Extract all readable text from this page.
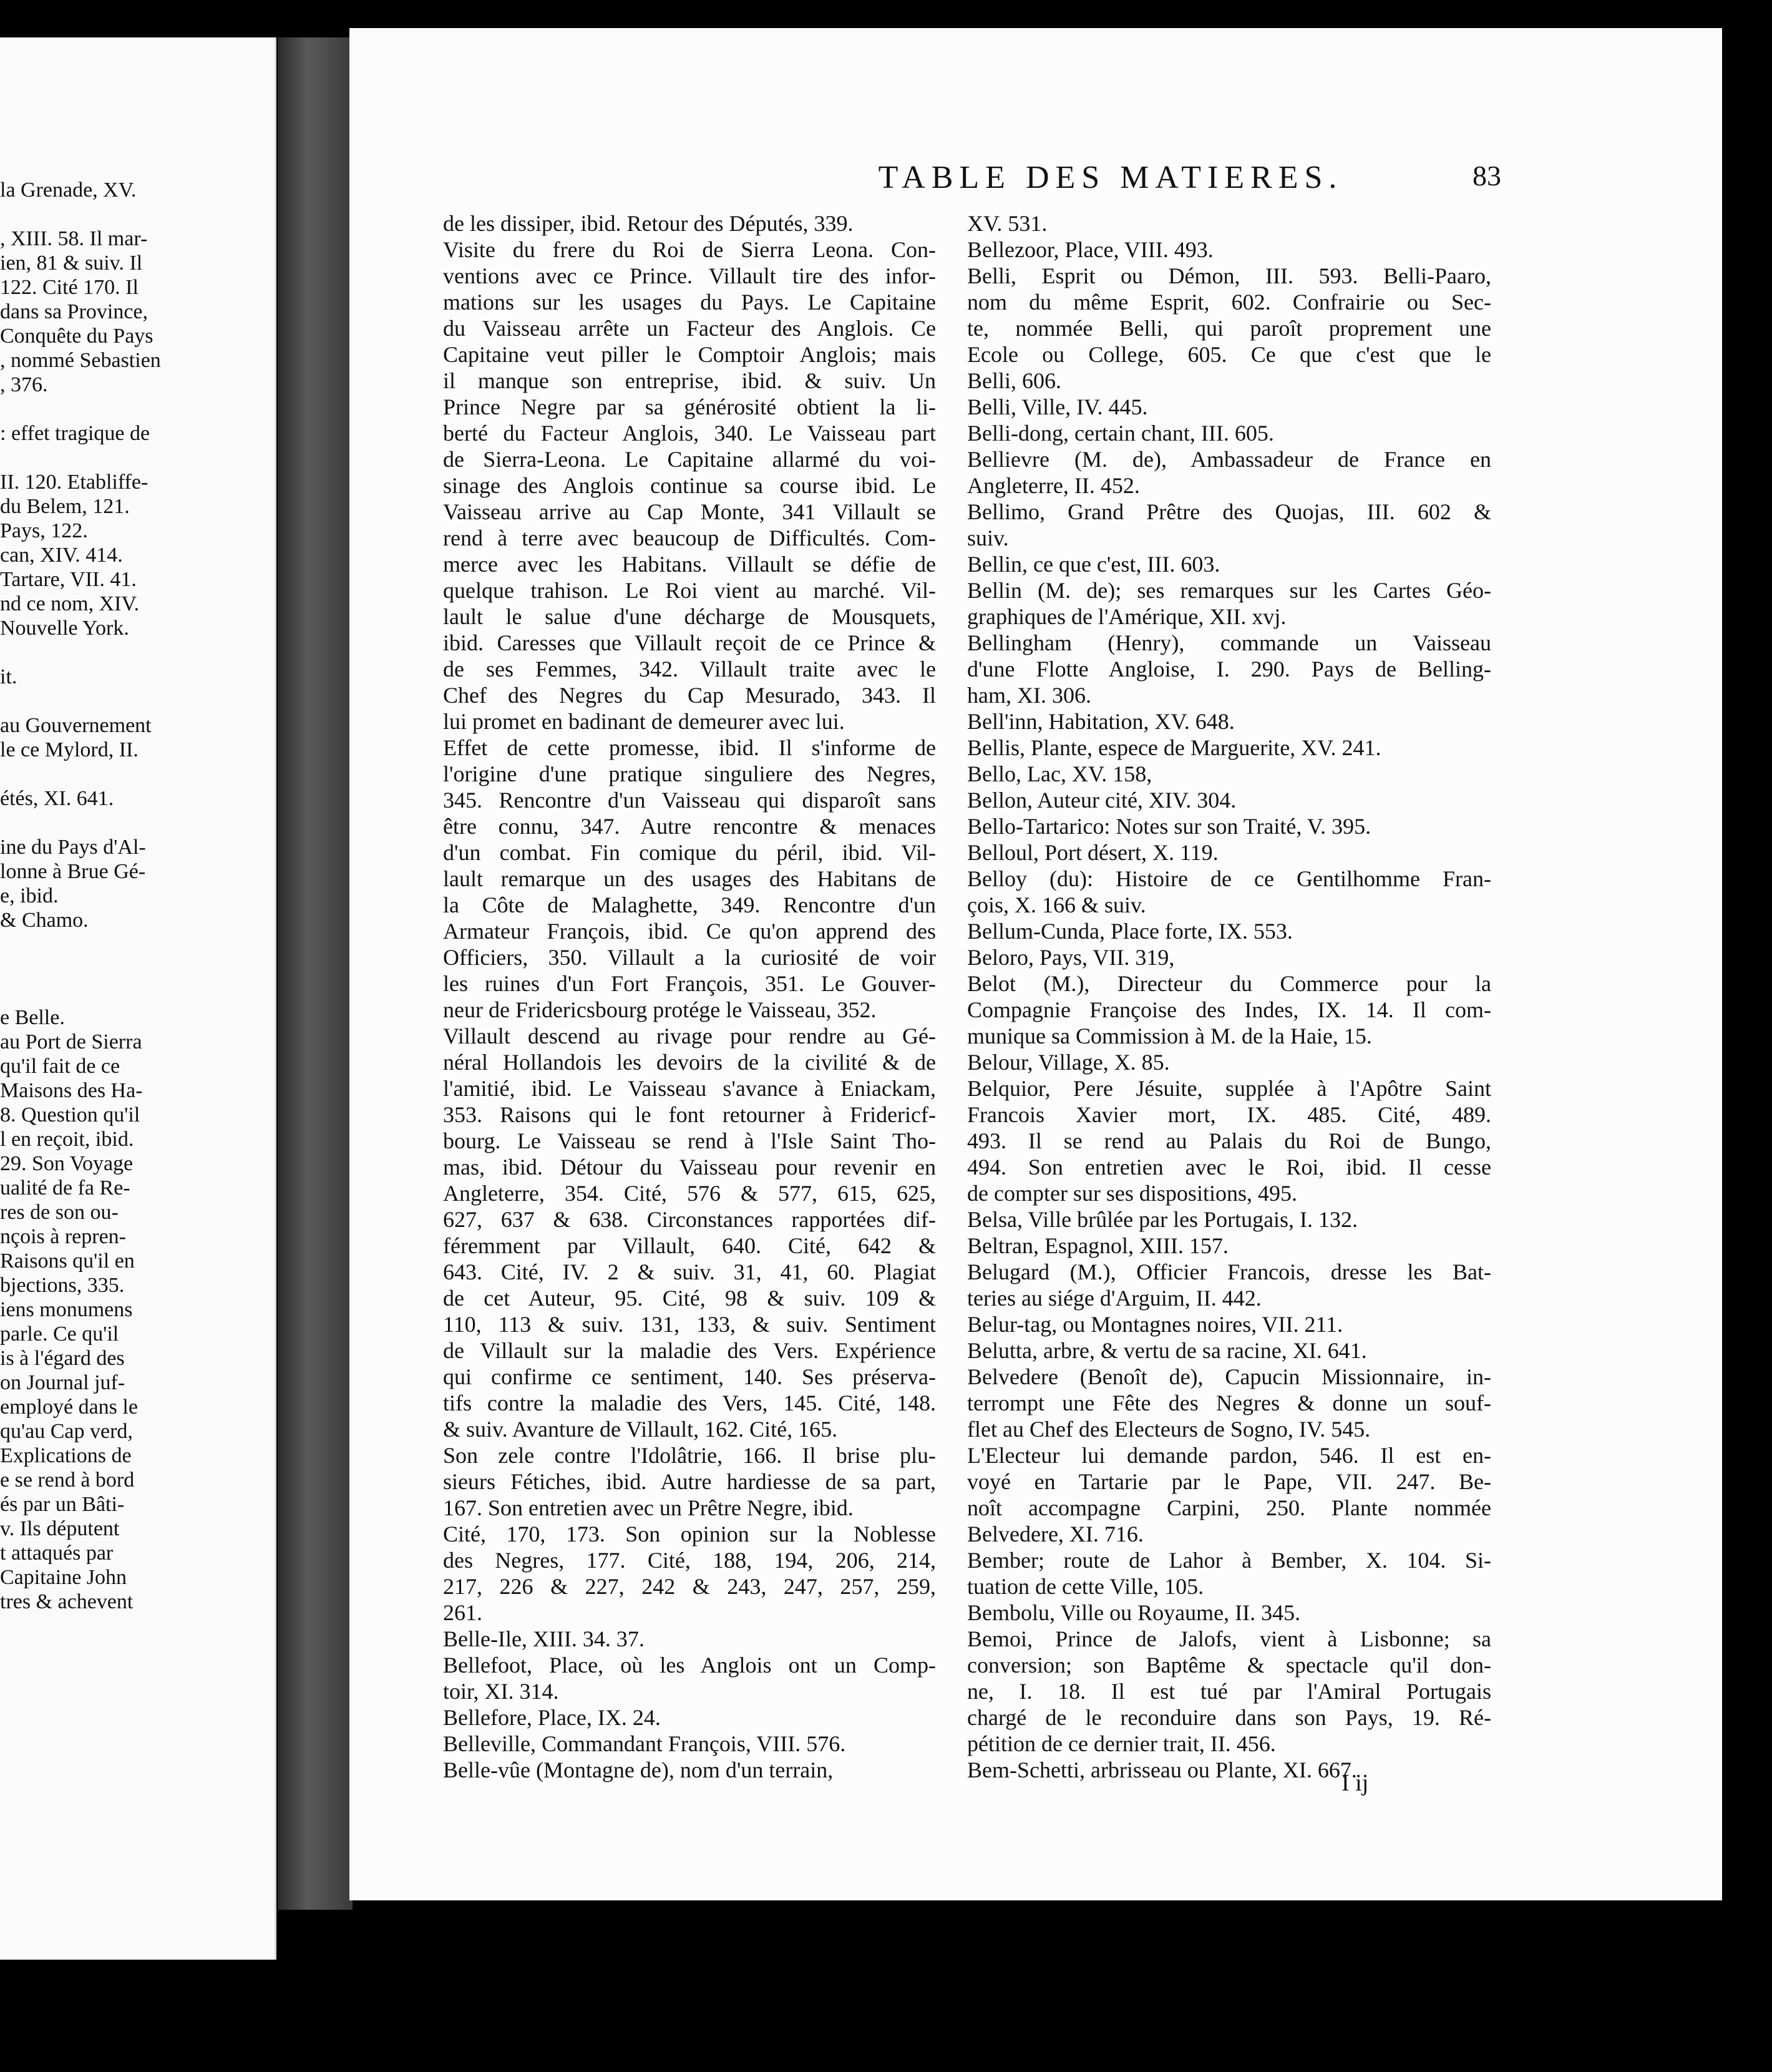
la Grenade, XV.
, XIII. 58. Il mar-
ien, 81 & suiv. Il
122. Cité 170. Il
dans sa Province,
Conquête du Pays
, nommé Sebastien
, 376.
: effet tragique de
II. 120. Etabliffe-
du Belem, 121.
Pays, 122.
can, XIV. 414.
Tartare, VII. 41.
nd ce nom, XIV.
Nouvelle York.
it.
au Gouvernement
le ce Mylord, II.
étés, XI. 641.
ine du Pays d'Al-
lonne à Brue Gé-
e, ibid.
& Chamo.
e Belle.
au Port de Sierra
qu'il fait de ce
Maisons des Ha-
8. Question qu'il
l en reçoit, ibid.
29. Son Voyage
ualité de fa Re-
res de son ou-
nçois à repren-
Raisons qu'il en
bjections, 335.
iens monumens
parle. Ce qu'il
is à l'égard des
on Journal juf-
employé dans le
qu'au Cap verd,
Explications de
e se rend à bord
és par un Bâti-
v. Ils députent
t attaqués par
Capitaine John
tres & achevent
TABLE DES MATIERES.	83
de les dissiper, ibid. Retour des Députés, 339.
Visite du frere du Roi de Sierra Leona. Con-
ventions avec ce Prince. Villault tire des infor-
mations sur les usages du Pays. Le Capitaine
du Vaisseau arrête un Facteur des Anglois. Ce
Capitaine veut piller le Comptoir Anglois; mais
il manque son entreprise, ibid. & suiv. Un
Prince Negre par sa générosité obtient la li-
berté du Facteur Anglois, 340. Le Vaisseau part
de Sierra-Leona. Le Capitaine allarmé du voi-
sinage des Anglois continue sa course ibid. Le
Vaisseau arrive au Cap Monte, 341 Villault se
rend à terre avec beaucoup de Difficultés. Com-
merce avec les Habitans. Villault se défie de
quelque trahison. Le Roi vient au marché. Vil-
lault le salue d'une décharge de Mousquets,
ibid. Caresses que Villault reçoit de ce Prince &
de ses Femmes, 342. Villault traite avec le
Chef des Negres du Cap Mesurado, 343. Il
lui promet en badinant de demeurer avec lui.
Effet de cette promesse, ibid. Il s'informe de
l'origine d'une pratique singuliere des Negres,
345. Rencontre d'un Vaisseau qui disparoît sans
être connu, 347. Autre rencontre & menaces
d'un combat. Fin comique du péril, ibid. Vil-
lault remarque un des usages des Habitans de
la Côte de Malaghette, 349. Rencontre d'un
Armateur François, ibid. Ce qu'on apprend des
Officiers, 350. Villault a la curiosité de voir
les ruines d'un Fort François, 351. Le Gouver-
neur de Fridericsbourg protége le Vaisseau, 352.
Villault descend au rivage pour rendre au Gé-
néral Hollandois les devoirs de la civilité & de
l'amitié, ibid. Le Vaisseau s'avance à Eniackam,
353. Raisons qui le font retourner à Fridericf-
bourg. Le Vaisseau se rend à l'Isle Saint Tho-
mas, ibid. Détour du Vaisseau pour revenir en
Angleterre, 354. Cité, 576 & 577, 615, 625,
627, 637 & 638. Circonstances rapportées dif-
féremment par Villault, 640. Cité, 642 &
643. Cité, IV. 2 & suiv. 31, 41, 60. Plagiat
de cet Auteur, 95. Cité, 98 & suiv. 109 &
110, 113 & suiv. 131, 133, & suiv. Sentiment
de Villault sur la maladie des Vers. Expérience
qui confirme ce sentiment, 140. Ses préserva-
tifs contre la maladie des Vers, 145. Cité, 148.
& suiv. Avanture de Villault, 162. Cité, 165.
Son zele contre l'Idolâtrie, 166. Il brise plu-
sieurs Fétiches, ibid. Autre hardiesse de sa part,
167. Son entretien avec un Prêtre Negre, ibid.
Cité, 170, 173. Son opinion sur la Noblesse
des Negres, 177. Cité, 188, 194, 206, 214,
217, 226 & 227, 242 & 243, 247, 257, 259,
261.
Belle-Ile, XIII. 34. 37.
Bellefoot, Place, où les Anglois ont un Comp-
toir, XI. 314.
Bellefore, Place, IX. 24.
Belleville, Commandant François, VIII. 576.
Belle-vûe (Montagne de), nom d'un terrain,
XV. 531.
Bellezoor, Place, VIII. 493.
Belli, Esprit ou Démon, III. 593. Belli-Paaro,
nom du même Esprit, 602. Confrairie ou Sec-
te, nommée Belli, qui paroît proprement une
Ecole ou College, 605. Ce que c'est que le
Belli, 606.
Belli, Ville, IV. 445.
Belli-dong, certain chant, III. 605.
Bellievre (M. de), Ambassadeur de France en
Angleterre, II. 452.
Bellimo, Grand Prêtre des Quojas, III. 602 &
suiv.
Bellin, ce que c'est, III. 603.
Bellin (M. de); ses remarques sur les Cartes Géo-
graphiques de l'Amérique, XII. xvj.
Bellingham (Henry), commande un Vaisseau
d'une Flotte Angloise, I. 290. Pays de Belling-
ham, XI. 306.
Bell'inn, Habitation, XV. 648.
Bellis, Plante, espece de Marguerite, XV. 241.
Bello, Lac, XV. 158,
Bellon, Auteur cité, XIV. 304.
Bello-Tartarico: Notes sur son Traité, V. 395.
Belloul, Port désert, X. 119.
Belloy (du): Histoire de ce Gentilhomme Fran-
çois, X. 166 & suiv.
Bellum-Cunda, Place forte, IX. 553.
Beloro, Pays, VII. 319,
Belot (M.), Directeur du Commerce pour la
Compagnie Françoise des Indes, IX. 14. Il com-
munique sa Commission à M. de la Haie, 15.
Belour, Village, X. 85.
Belquior, Pere Jésuite, supplée à l'Apôtre Saint
Francois Xavier mort, IX. 485. Cité, 489.
493. Il se rend au Palais du Roi de Bungo,
494. Son entretien avec le Roi, ibid. Il cesse
de compter sur ses dispositions, 495.
Belsa, Ville brûlée par les Portugais, I. 132.
Beltran, Espagnol, XIII. 157.
Belugard (M.), Officier Francois, dresse les Bat-
teries au siége d'Arguim, II. 442.
Belur-tag, ou Montagnes noires, VII. 211.
Belutta, arbre, & vertu de sa racine, XI. 641.
Belvedere (Benoît de), Capucin Missionnaire, in-
terrompt une Fête des Negres & donne un souf-
flet au Chef des Electeurs de Sogno, IV. 545.
L'Electeur lui demande pardon, 546. Il est en-
voyé en Tartarie par le Pape, VII. 247. Be-
noît accompagne Carpini, 250. Plante nommée
Belvedere, XI. 716.
Bember; route de Lahor à Bember, X. 104. Si-
tuation de cette Ville, 105.
Bembolu, Ville ou Royaume, II. 345.
Bemoi, Prince de Jalofs, vient à Lisbonne; sa
conversion; son Baptême & spectacle qu'il don-
ne, I. 18. Il est tué par l'Amiral Portugais
chargé de le reconduire dans son Pays, 19. Ré-
pétition de ce dernier trait, II. 456.
Bem-Schetti, arbrisseau ou Plante, XI. 667.
I ij
